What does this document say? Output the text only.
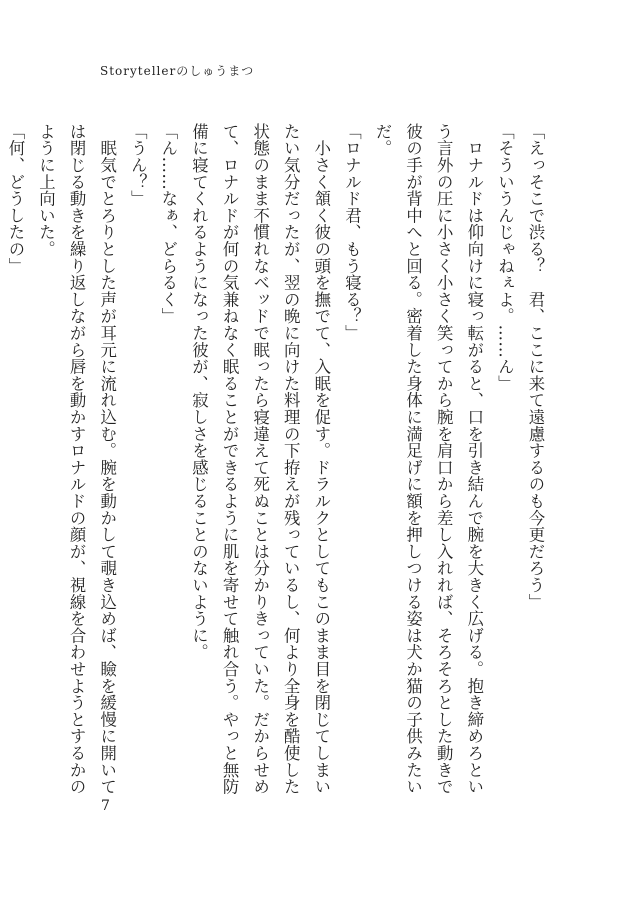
Storytellerのしゅうまつ

「えっそこで渋る？　君、ここに来て遠慮するのも今更だろう」

「そういうんじゃねぇよ。……ん」

　ロナルドは仰向けに寝っ転がると、口を引き結んで腕を大きく広げる。抱き締めろという言外の圧に小さく小さく笑ってから腕を肩口から差し入れれば、そろそろとした動きで彼の手が背中へと回る。密着した身体に満足げに額を押しつける姿は犬か猫の子供みたいだ。

「ロナルド君、もう寝る？」

　小さく頷く彼の頭を撫でて、入眠を促す。ドラルクとしてもこのまま目を閉じてしまいたい気分だったが、翌の晩に向けた料理の下拵えが残っているし、何より全身を酷使した状態のまま不慣れなベッドで眠ったら寝違えて死ぬことは分かりきっていた。だからせめて、ロナルドが何の気兼ねなく眠ることができるように肌を寄せて触れ合う。やっと無防備に寝てくれるようになった彼が、寂しさを感じることのないように。

「ん……なぁ、どらるく」

「うん？」

　眠気でとろりとした声が耳元に流れ込む。腕を動かして覗き込めば、瞼を緩慢に開いては閉じる動きを繰り返しながら唇を動かすロナルドの顔が、視線を合わせようとするかのように上向いた。

「何、どうしたの」

7
